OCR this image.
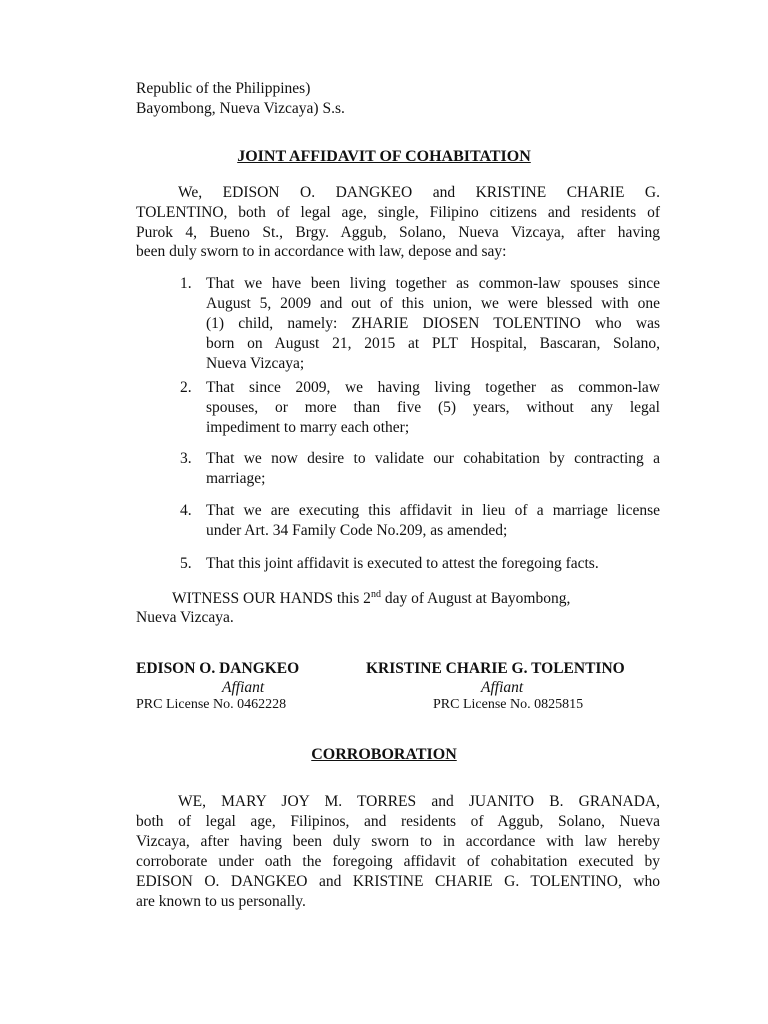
Republic of the Philippines)
Bayombong, Nueva Vizcaya) S.s.
JOINT AFFIDAVIT OF COHABITATION
We, EDISON O. DANGKEO and KRISTINE CHARIE G.
TOLENTINO, both of legal age, single, Filipino citizens and residents of
Purok 4, Bueno St., Brgy. Aggub, Solano, Nueva Vizcaya, after having
been duly sworn to in accordance with law, depose and say:
1. That we have been living together as common-law spouses since
August 5, 2009 and out of this union, we were blessed with one
(1) child, namely: ZHARIE DIOSEN TOLENTINO who was
born on August 21, 2015 at PLT Hospital, Bascaran, Solano,
Nueva Vizcaya;
2. That since 2009, we having living together as common-law
spouses, or more than five (5) years, without any legal
impediment to marry each other;
3. That we now desire to validate our cohabitation by contracting a
marriage;
4. That we are executing this affidavit in lieu of a marriage license
under Art. 34 Family Code No.209, as amended;
5. That this joint affidavit is executed to attest the foregoing facts.
WITNESS OUR HANDS this 2nd day of August at Bayombong,
Nueva Vizcaya.
EDISON O. DANGKEO
Affiant
PRC License No. 0462228
KRISTINE CHARIE G. TOLENTINO
Affiant
PRC License No. 0825815
CORROBORATION
WE, MARY JOY M. TORRES and JUANITO B. GRANADA,
both of legal age, Filipinos, and residents of Aggub, Solano, Nueva
Vizcaya, after having been duly sworn to in accordance with law hereby
corroborate under oath the foregoing affidavit of cohabitation executed by
EDISON O. DANGKEO and KRISTINE CHARIE G. TOLENTINO, who
are known to us personally.
